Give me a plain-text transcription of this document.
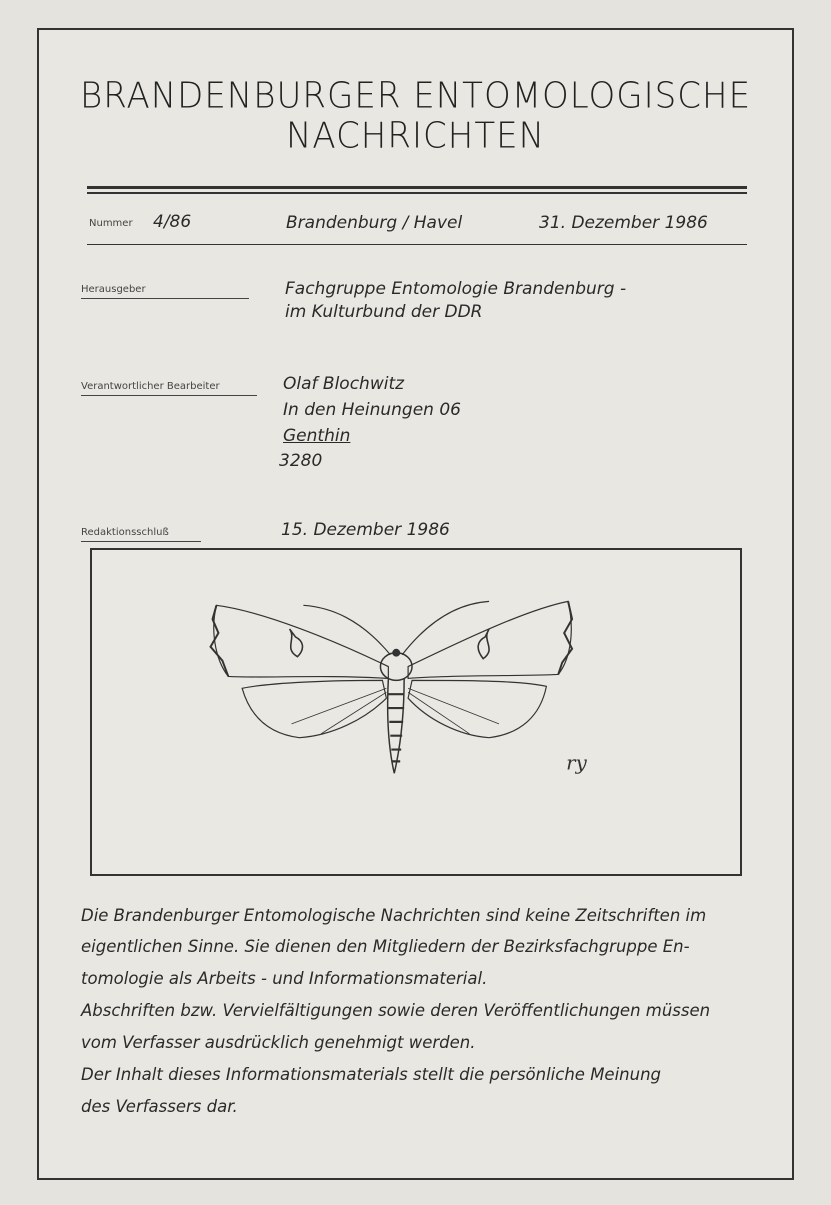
BRANDENBURGER ENTOMOLOGISCHE
NACHRICHTEN
Nummer 4/86	Brandenburg / Havel	31. Dezember 1986
Herausgeber	Fachgruppe Entomologie Brandenburg -
im Kulturbund der DDR
Verantwortlicher Bearbeiter	Olaf Blochwitz
In den Heinungen 06
Genthin
3280
Redaktionsschluß	15. Dezember 1986
ry
Die Brandenburger Entomologische Nachrichten sind keine Zeitschriften im
eigentlichen Sinne. Sie dienen den Mitgliedern der Bezirksfachgruppe En-
tomologie als Arbeits - und Informationsmaterial.
Abschriften bzw. Vervielfältigungen sowie deren Veröffentlichungen müssen
vom Verfasser ausdrücklich genehmigt werden.
Der Inhalt dieses Informationsmaterials stellt die persönliche Meinung
des Verfassers dar.
